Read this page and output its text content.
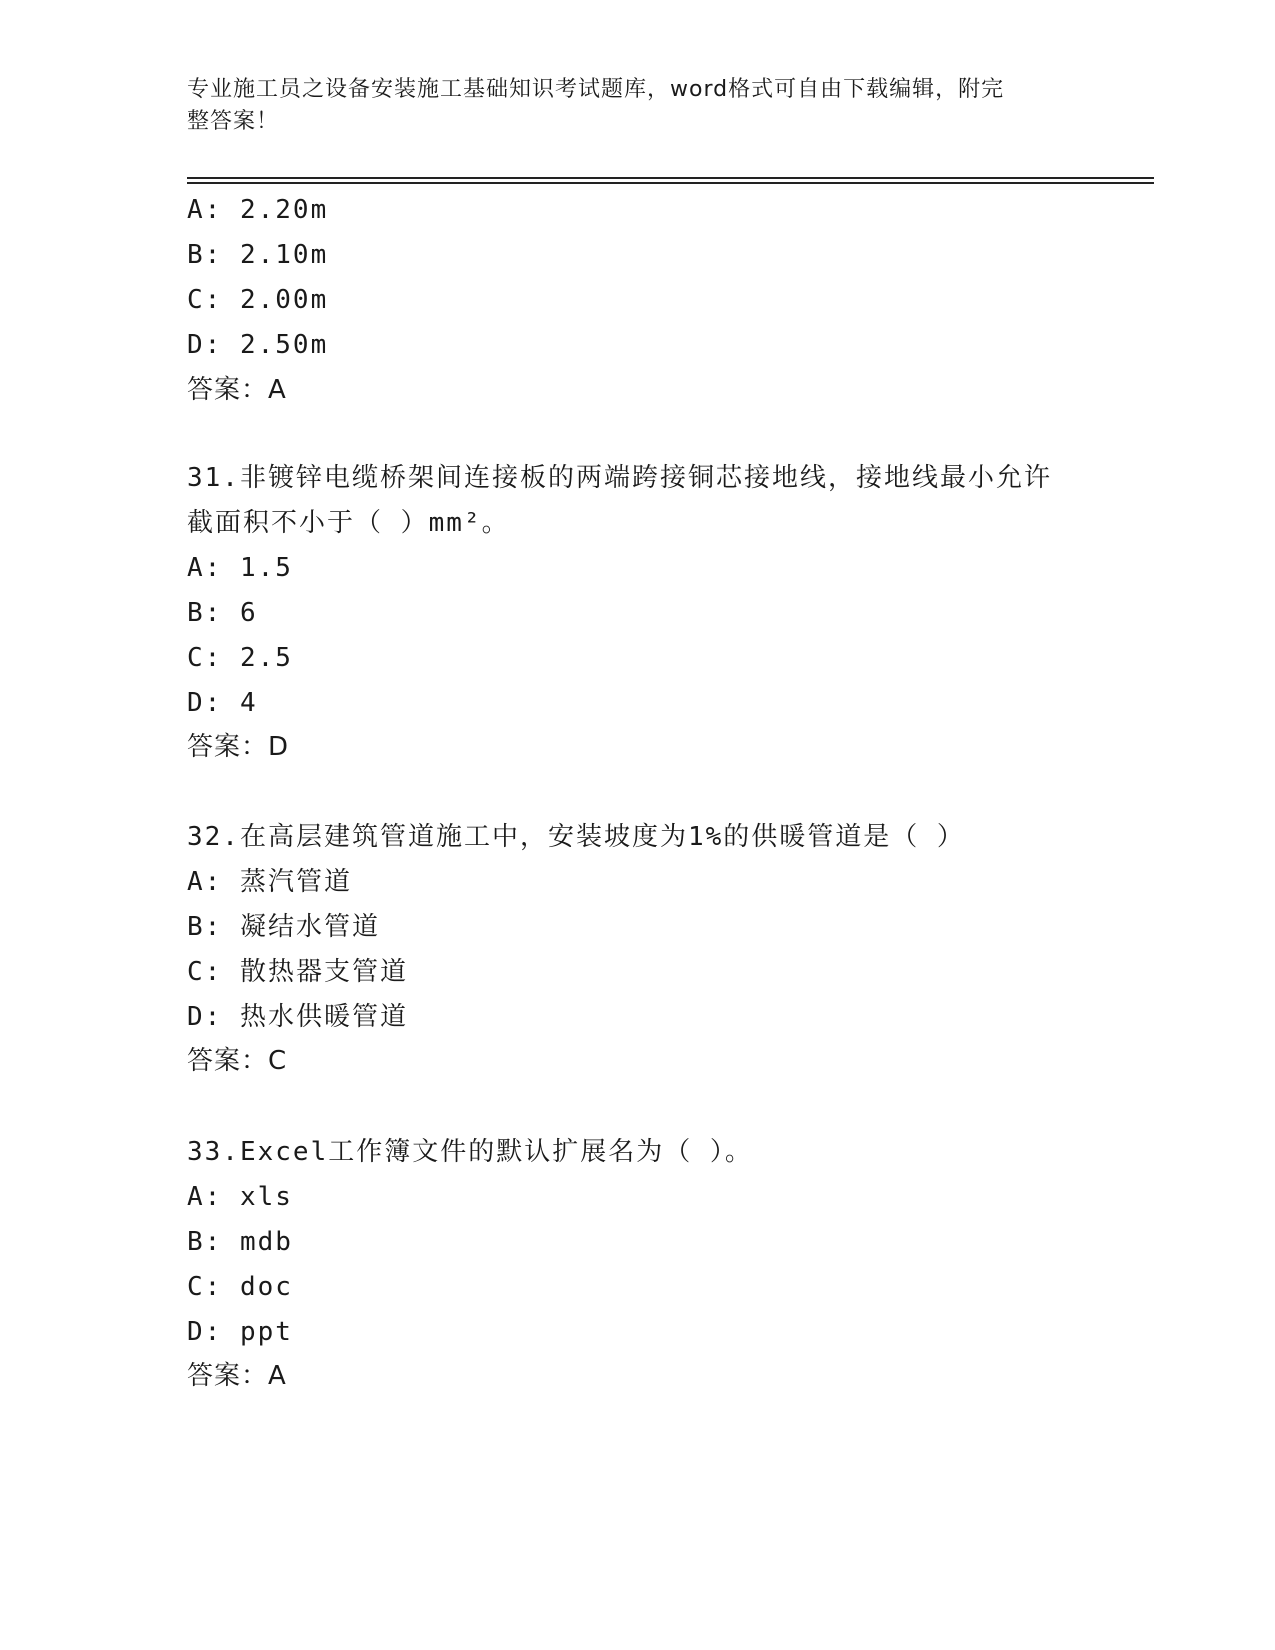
专业施工员之设备安装施工基础知识考试题库，word格式可自由下载编辑，附完
整答案！
A: 2.20m
B: 2.10m
C: 2.00m
D: 2.50m
答案：A
31.非镀锌电缆桥架间连接板的两端跨接铜芯接地线，接地线最小允许
截面积不小于（ ）mm²。
A: 1.5
B: 6
C: 2.5
D: 4
答案：D
32.在高层建筑管道施工中，安装坡度为1%的供暖管道是（ ）
A: 蒸汽管道
B: 凝结水管道
C: 散热器支管道
D: 热水供暖管道
答案：C
33.Excel工作簿文件的默认扩展名为（ ）。
A: xls
B: mdb
C: doc
D: ppt
答案：A
